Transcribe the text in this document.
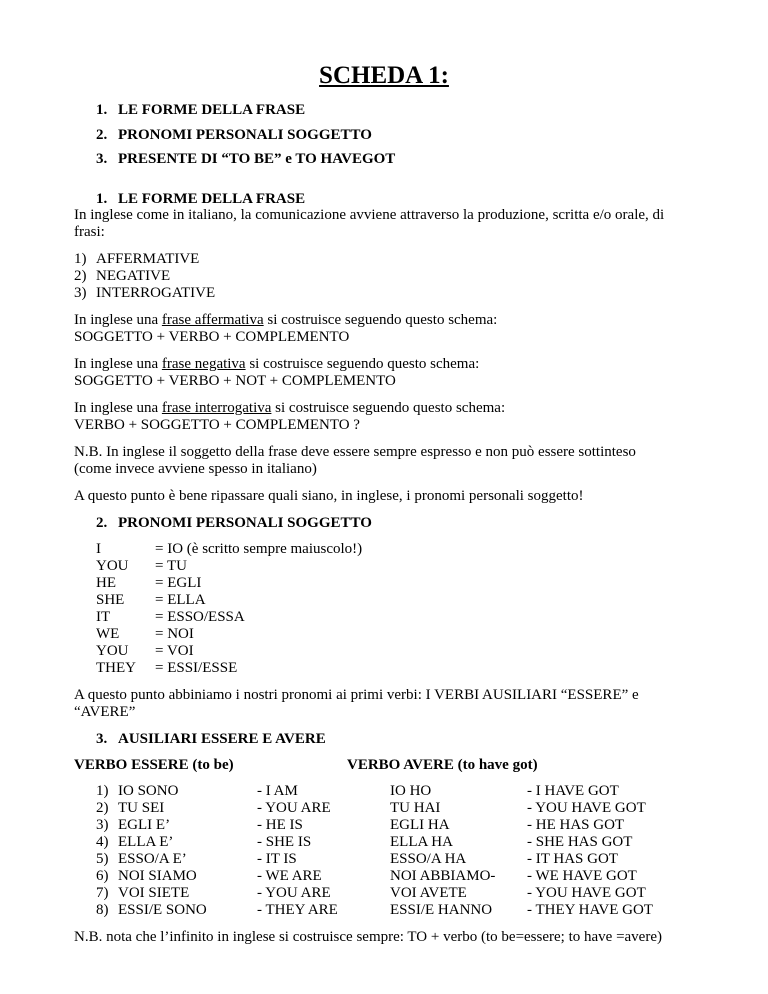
SCHEDA 1:
1. LE FORME DELLA FRASE
2. PRONOMI PERSONALI SOGGETTO
3. PRESENTE DI “TO BE” e TO HAVEGOT
1. LE FORME DELLA FRASE
In inglese come in italiano, la comunicazione avviene attraverso la produzione, scritta e/o orale, di
frasi:
1) AFFERMATIVE
2) NEGATIVE
3) INTERROGATIVE
In inglese una frase affermativa si costruisce seguendo questo schema:
SOGGETTO + VERBO + COMPLEMENTO
In inglese una frase negativa si costruisce seguendo questo schema:
SOGGETTO + VERBO + NOT + COMPLEMENTO
In inglese una frase interrogativa si costruisce seguendo questo schema:
VERBO + SOGGETTO + COMPLEMENTO ?
N.B. In inglese il soggetto della frase deve essere sempre espresso e non può essere sottinteso
(come invece avviene spesso in italiano)
A questo punto è bene ripassare quali siano, in inglese, i pronomi personali soggetto!
2. PRONOMI PERSONALI SOGGETTO
I	= IO (è scritto sempre maiuscolo!)
YOU = TU
HE	= EGLI
SHE = ELLA
IT	= ESSO/ESSA
WE = NOI
YOU = VOI
THEY = ESSI/ESSE
A questo punto abbiniamo i nostri pronomi ai primi verbi: I VERBI AUSILIARI “ESSERE” e
“AVERE”
3. AUSILIARI ESSERE E AVERE
VERBO ESSERE (to be)	VERBO AVERE (to have got)
1) IO SONO	- I AM	IO HO	- I HAVE GOT
2) TU SEI	- YOU ARE	TU HAI	- YOU HAVE GOT
3) EGLI E’	- HE IS	EGLI HA	- HE HAS GOT
4) ELLA E’	- SHE IS	ELLA HA	- SHE HAS GOT
5) ESSO/A E’	- IT IS	ESSO/A HA	- IT HAS GOT
6) NOI SIAMO	- WE ARE	NOI ABBIAMO- - WE HAVE GOT
7) VOI SIETE	- YOU ARE	VOI AVETE	- YOU HAVE GOT
8) ESSI/E SONO	- THEY ARE	ESSI/E HANNO - THEY HAVE GOT
N.B. nota che l’infinito in inglese si costruisce sempre: TO + verbo (to be=essere; to have =avere)
